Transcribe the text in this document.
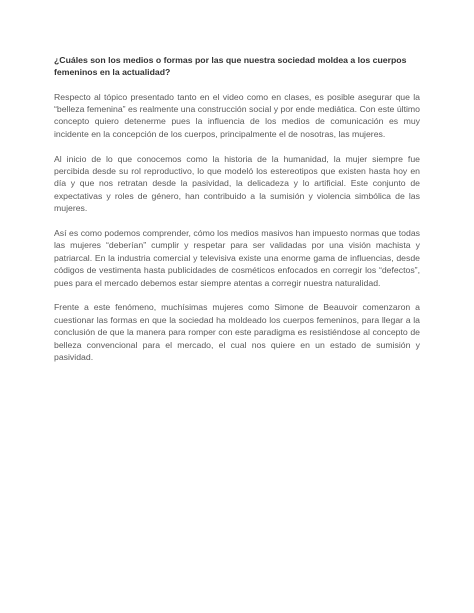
¿Cuáles son los medios o formas por las que nuestra sociedad moldea a los cuerpos femeninos en la actualidad?

Respecto al tópico presentado tanto en el video como en clases, es posible asegurar que la “belleza femenina” es realmente una construcción social y por ende mediática. Con este último concepto quiero detenerme pues la influencia de los medios de comunicación es muy incidente en la concepción de los cuerpos, principalmente el de nosotras, las mujeres.

Al inicio de lo que conocemos como la historia de la humanidad, la mujer siempre fue percibida desde su rol reproductivo, lo que modeló los estereotipos que existen hasta hoy en día y que nos retratan desde la pasividad, la delicadeza y lo artificial. Este conjunto de expectativas y roles de género, han contribuido a la sumisión y violencia simbólica de las mujeres.

Así es como podemos comprender, cómo los medios masivos han impuesto normas que todas las mujeres “deberían” cumplir y respetar para ser validadas por una visión machista y patriarcal. En la industria comercial y televisiva existe una enorme gama de influencias, desde códigos de vestimenta hasta publicidades de cosméticos enfocados en corregir los “defectos”, pues para el mercado debemos estar siempre atentas a corregir nuestra naturalidad.

Frente a este fenómeno, muchísimas mujeres como Simone de Beauvoir comenzaron a cuestionar las formas en que la sociedad ha moldeado los cuerpos femeninos, para llegar a la conclusión de que la manera para romper con este paradigma es resistiéndose al concepto de belleza convencional para el mercado, el cual nos quiere en un estado de sumisión y pasividad.
